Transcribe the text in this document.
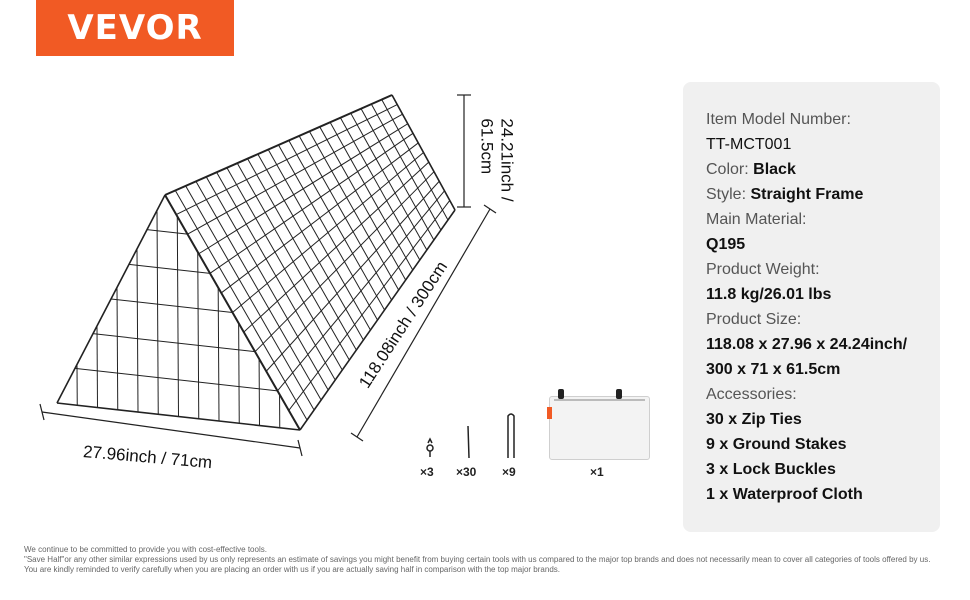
VEVOR
27.96inch / 71cm
118.08inch / 300cm
24.21inch /
61.5cm
×3 ×30 ×9	×1
Item Model Number:
TT-MCT001
Color: Black
Style: Straight Frame
Main Material:
Q195
Product Weight:
11.8 kg/26.01 lbs
Product Size:
118.08 x 27.96 x 24.24inch/
300 x 71 x 61.5cm
Accessories:
30 x Zip Ties
9 x Ground Stakes
3 x Lock Buckles
1 x Waterproof Cloth
We continue to be committed to provide you with cost-effective tools.
"Save Half"or any other similar expressions used by us only represents an estimate of savings you might benefit from buying certain tools with us compared to the major top brands and does not necessarily mean to cover all categories of tools offered by us.
You are kindly reminded to verify carefully when you are placing an order with us if you are actually saving half in comparison with the top major brands.
